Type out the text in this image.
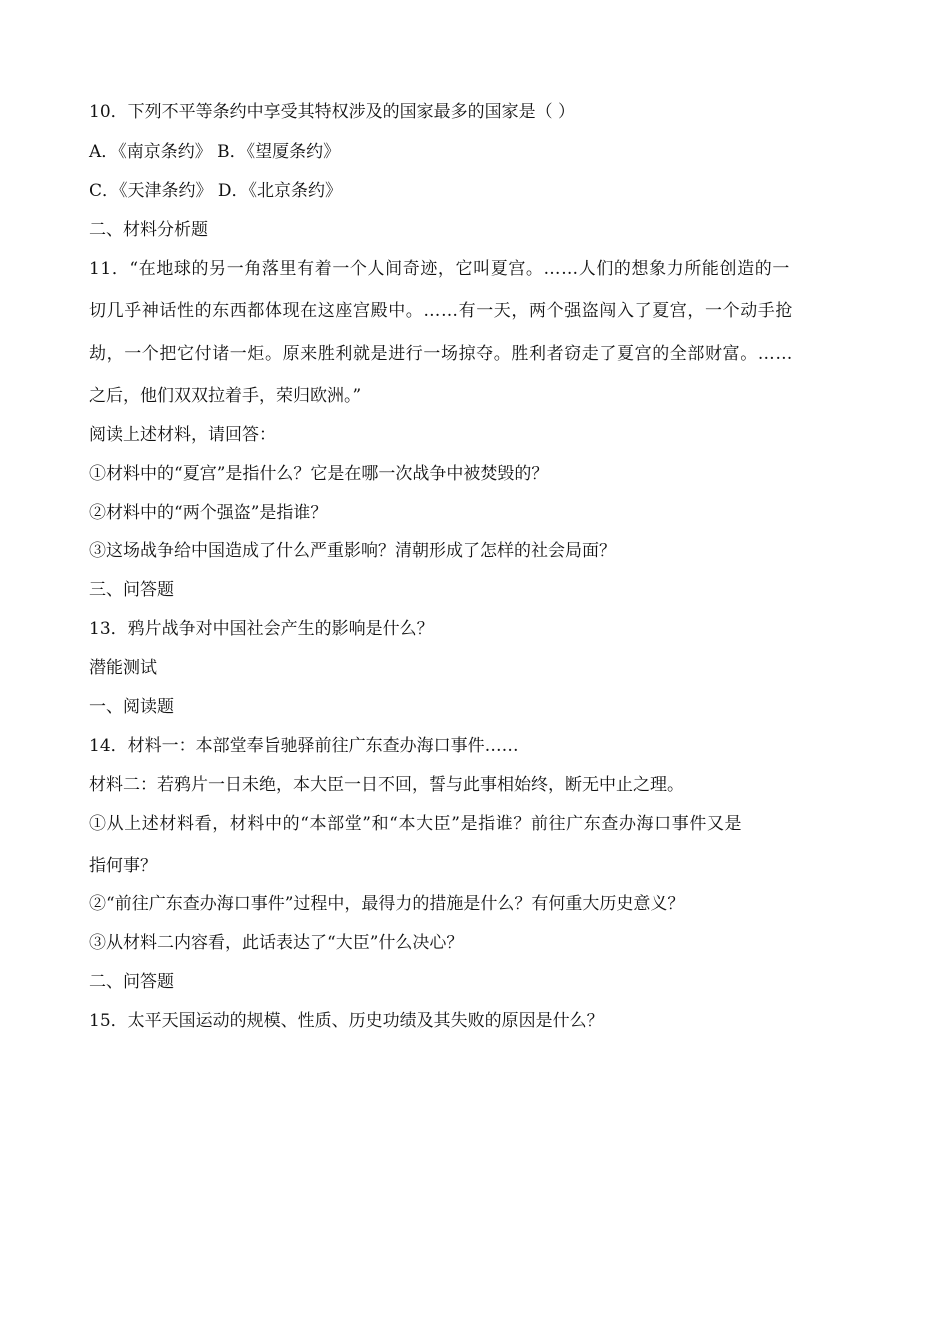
10．下列不平等条约中享受其特权涉及的国家最多的国家是（ ）
A．《南京条约》 B．《望厦条约》
C．《天津条约》 D．《北京条约》
二、材料分析题
11．“在地球的另一角落里有着一个人间奇迹，它叫夏宫。……人们的想象力所能创造的一
切几乎神话性的东西都体现在这座宫殿中。……有一天，两个强盗闯入了夏宫，一个动手抢
劫，一个把它付诸一炬。原来胜利就是进行一场掠夺。胜利者窃走了夏宫的全部财富。……
之后，他们双双拉着手，荣归欧洲。”
阅读上述材料，请回答：
①材料中的“夏宫”是指什么？它是在哪一次战争中被焚毁的？
②材料中的“两个强盗”是指谁？
③这场战争给中国造成了什么严重影响？清朝形成了怎样的社会局面？
三、问答题
13．鸦片战争对中国社会产生的影响是什么？
潜能测试
一、阅读题
14．材料一：本部堂奉旨驰驿前往广东查办海口事件……
材料二：若鸦片一日未绝，本大臣一日不回，誓与此事相始终，断无中止之理。
①从上述材料看，材料中的“本部堂”和“本大臣”是指谁？前往广东查办海口事件又是
指何事？
②“前往广东查办海口事件”过程中，最得力的措施是什么？有何重大历史意义？
③从材料二内容看，此话表达了“大臣”什么决心？
二、问答题
15．太平天国运动的规模、性质、历史功绩及其失败的原因是什么？
